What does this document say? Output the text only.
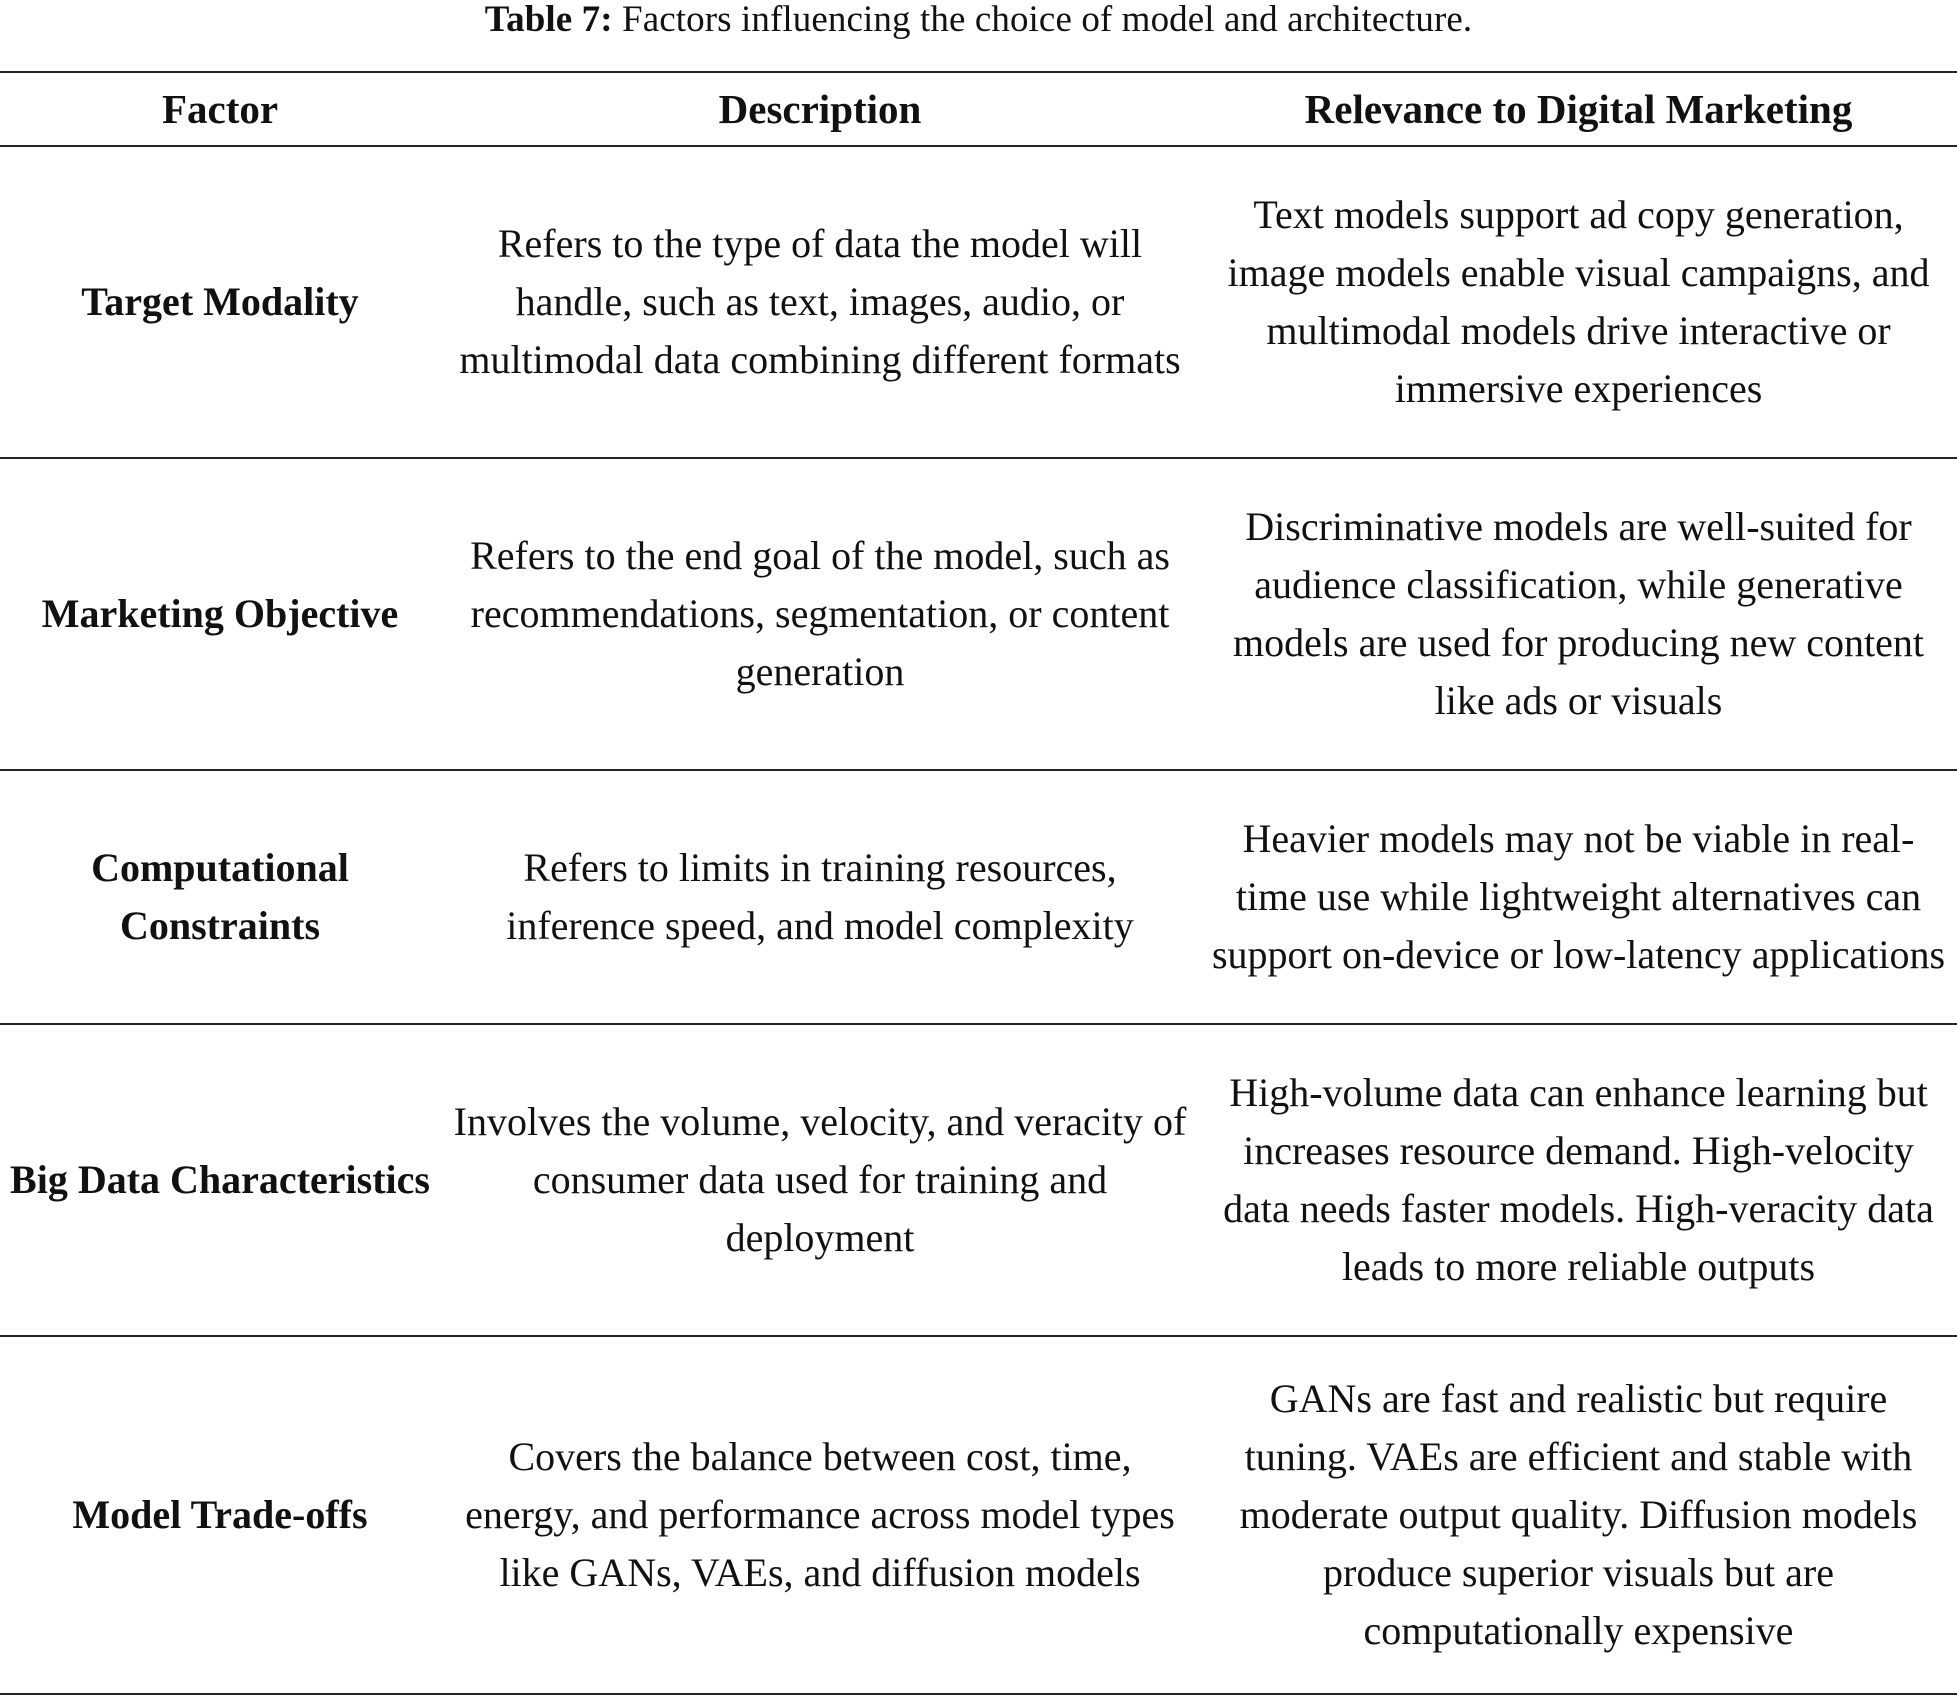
Table 7: Factors influencing the choice of model and architecture.
Factor	Description	Relevance to Digital Marketing
Target Modality	Refers to the type of data the model will handle, such as text, images, audio, or multimodal data combining different formats	Text models support ad copy generation, image models enable visual campaigns, and multimodal models drive interactive or immersive experiences
Marketing Objective	Refers to the end goal of the model, such as recommendations, segmentation, or content generation	Discriminative models are well-suited for audience classification, while generative models are used for producing new content like ads or visuals
Computational Constraints	Refers to limits in training resources, inference speed, and model complexity	Heavier models may not be viable in real-time use while lightweight alternatives can support on-device or low-latency applications
Big Data Characteristics	Involves the volume, velocity, and veracity of consumer data used for training and deployment	High-volume data can enhance learning but increases resource demand. High-velocity data needs faster models. High-veracity data leads to more reliable outputs
Model Trade-offs	Covers the balance between cost, time, energy, and performance across model types like GANs, VAEs, and diffusion models	GANs are fast and realistic but require tuning. VAEs are efficient and stable with moderate output quality. Diffusion models produce superior visuals but are computationally expensive
